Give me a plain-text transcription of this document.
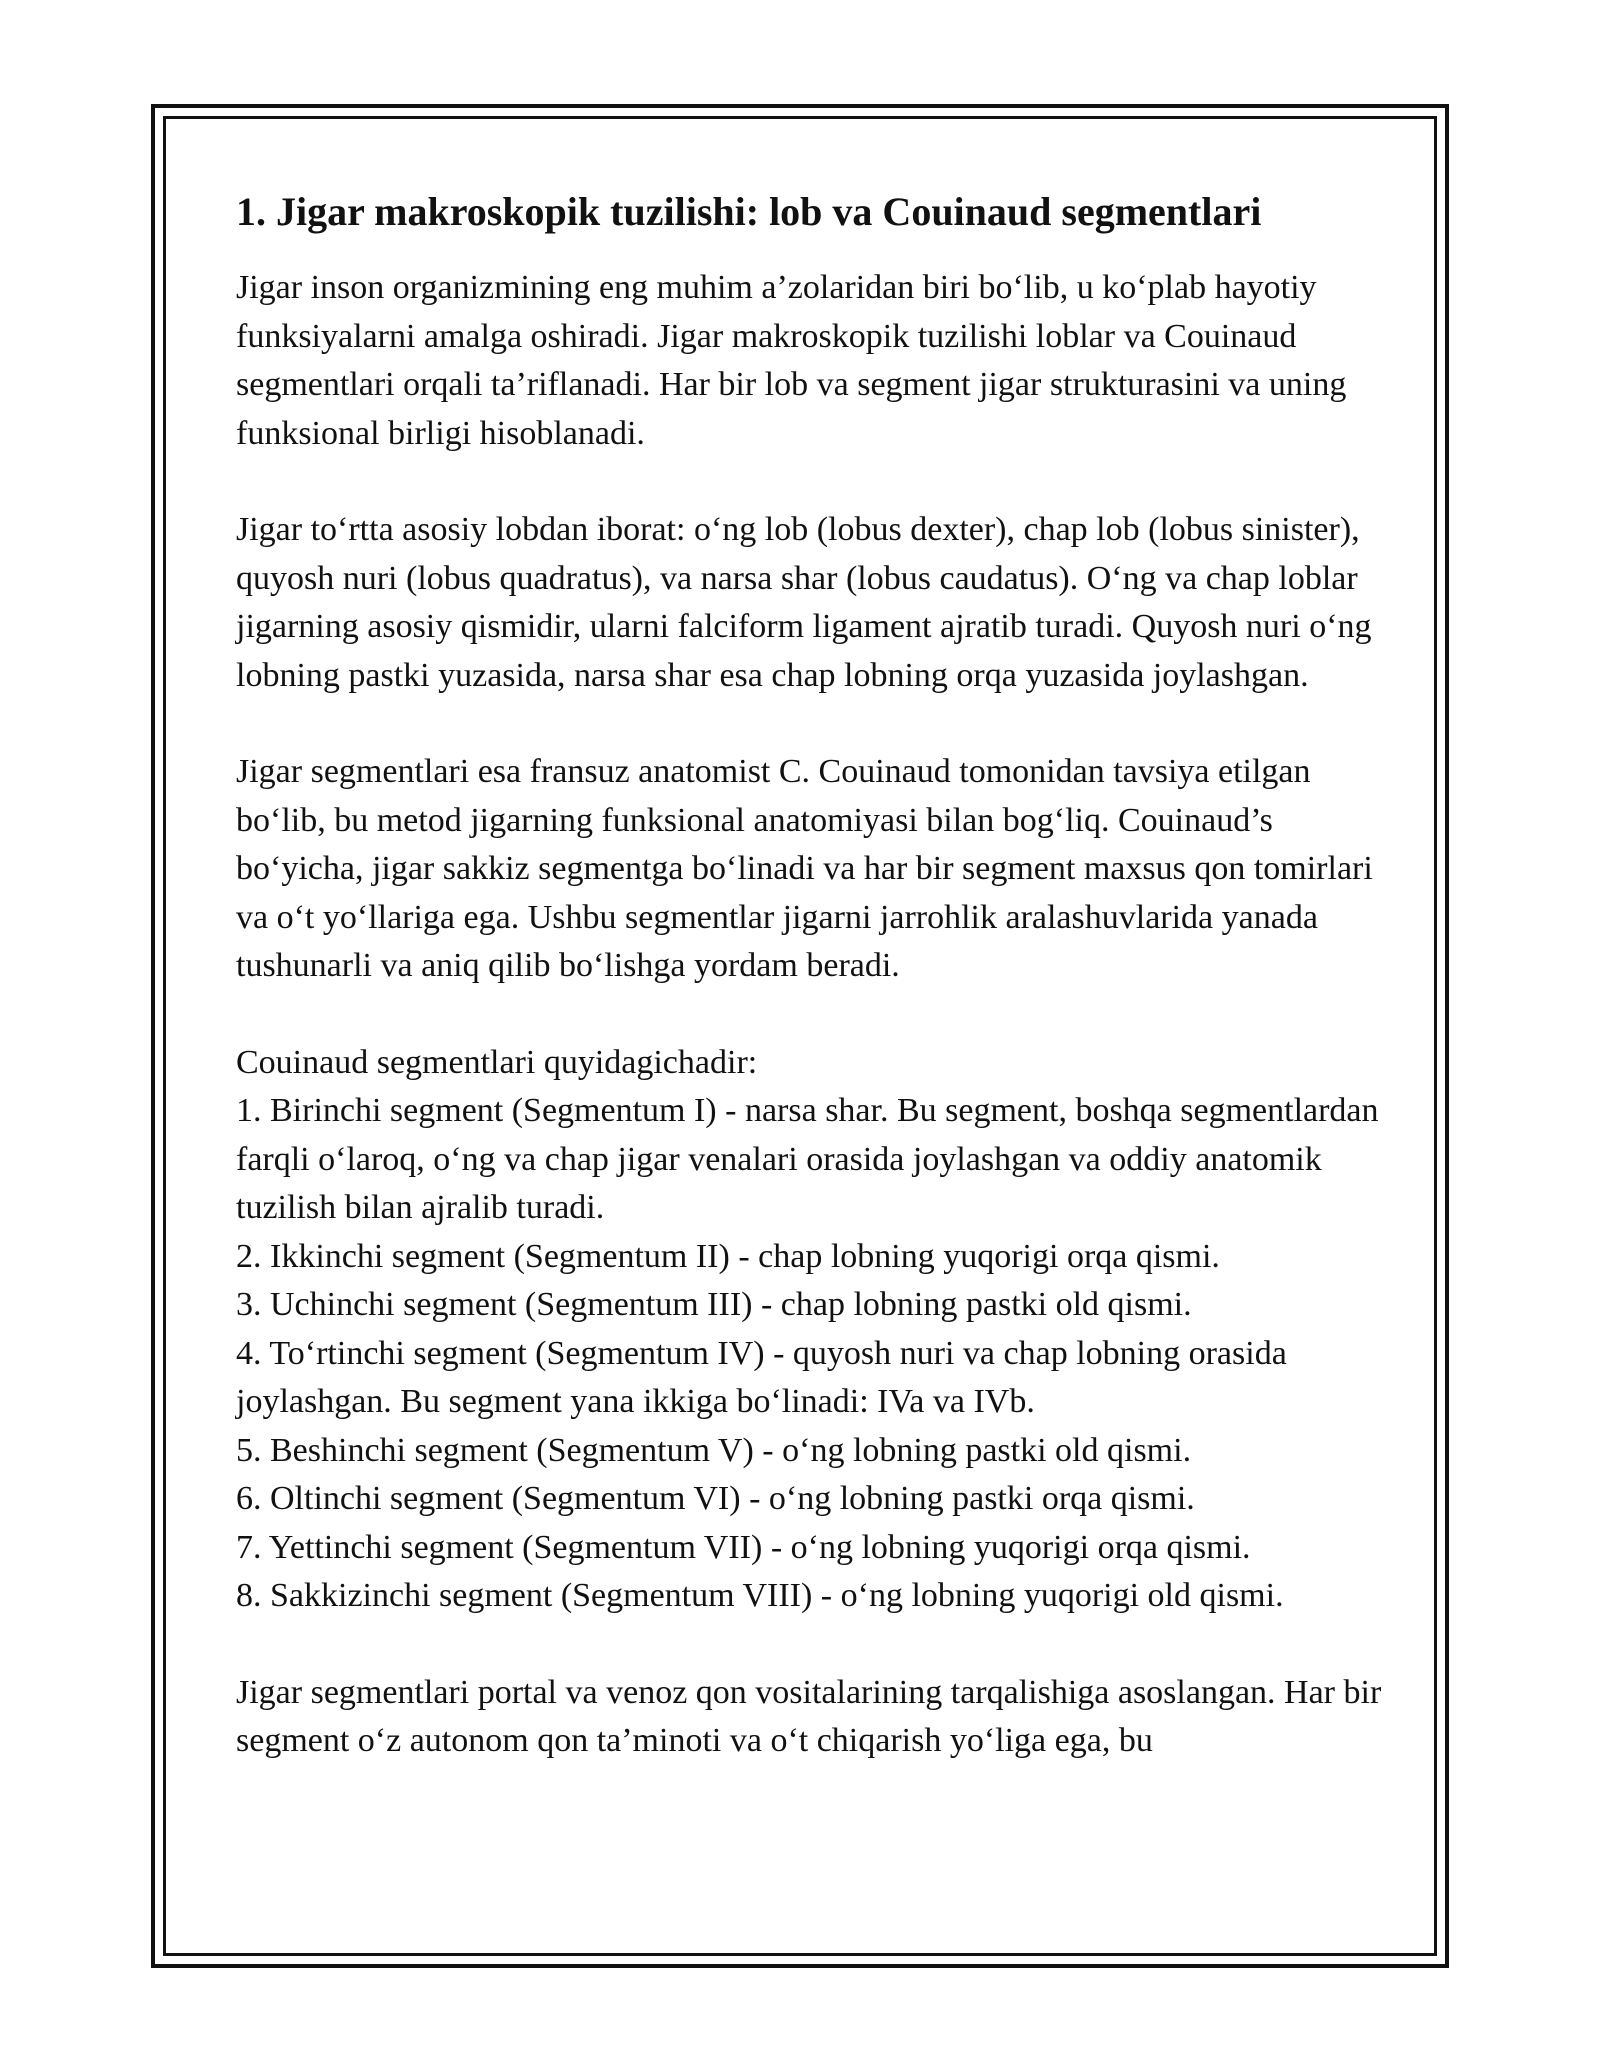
1. Jigar makroskopik tuzilishi: lob va Couinaud segmentlari

Jigar inson organizmining eng muhim a’zolaridan biri bo‘lib, u ko‘plab hayotiy funksiyalarni amalga oshiradi. Jigar makroskopik tuzilishi loblar va Couinaud segmentlari orqali ta’riflanadi. Har bir lob va segment jigar strukturasini va uning funksional birligi hisoblanadi.

Jigar to‘rtta asosiy lobdan iborat: o‘ng lob (lobus dexter), chap lob (lobus sinister), quyosh nuri (lobus quadratus), va narsa shar (lobus caudatus). O‘ng va chap loblar jigarning asosiy qismidir, ularni falciform ligament ajratib turadi. Quyosh nuri o‘ng lobning pastki yuzasida, narsa shar esa chap lobning orqa yuzasida joylashgan.

Jigar segmentlari esa fransuz anatomist C. Couinaud tomonidan tavsiya etilgan bo‘lib, bu metod jigarning funksional anatomiyasi bilan bog‘liq. Couinaud’s bo‘yicha, jigar sakkiz segmentga bo‘linadi va har bir segment maxsus qon tomirlari va o‘t yo‘llariga ega. Ushbu segmentlar jigarni jarrohlik aralashuvlarida yanada tushunarli va aniq qilib bo‘lishga yordam beradi.

Couinaud segmentlari quyidagichadir:
1. Birinchi segment (Segmentum I) - narsa shar. Bu segment, boshqa segmentlardan farqli o‘laroq, o‘ng va chap jigar venalari orasida joylashgan va oddiy anatomik tuzilish bilan ajralib turadi.
2. Ikkinchi segment (Segmentum II) - chap lobning yuqorigi orqa qismi.
3. Uchinchi segment (Segmentum III) - chap lobning pastki old qismi.
4. To‘rtinchi segment (Segmentum IV) - quyosh nuri va chap lobning orasida joylashgan. Bu segment yana ikkiga bo‘linadi: IVa va IVb.
5. Beshinchi segment (Segmentum V) - o‘ng lobning pastki old qismi.
6. Oltinchi segment (Segmentum VI) - o‘ng lobning pastki orqa qismi.
7. Yettinchi segment (Segmentum VII) - o‘ng lobning yuqorigi orqa qismi.
8. Sakkizinchi segment (Segmentum VIII) - o‘ng lobning yuqorigi old qismi.

Jigar segmentlari portal va venoz qon vositalarining tarqalishiga asoslangan. Har bir segment o‘z autonom qon ta’minoti va o‘t chiqarish yo‘liga ega, bu
